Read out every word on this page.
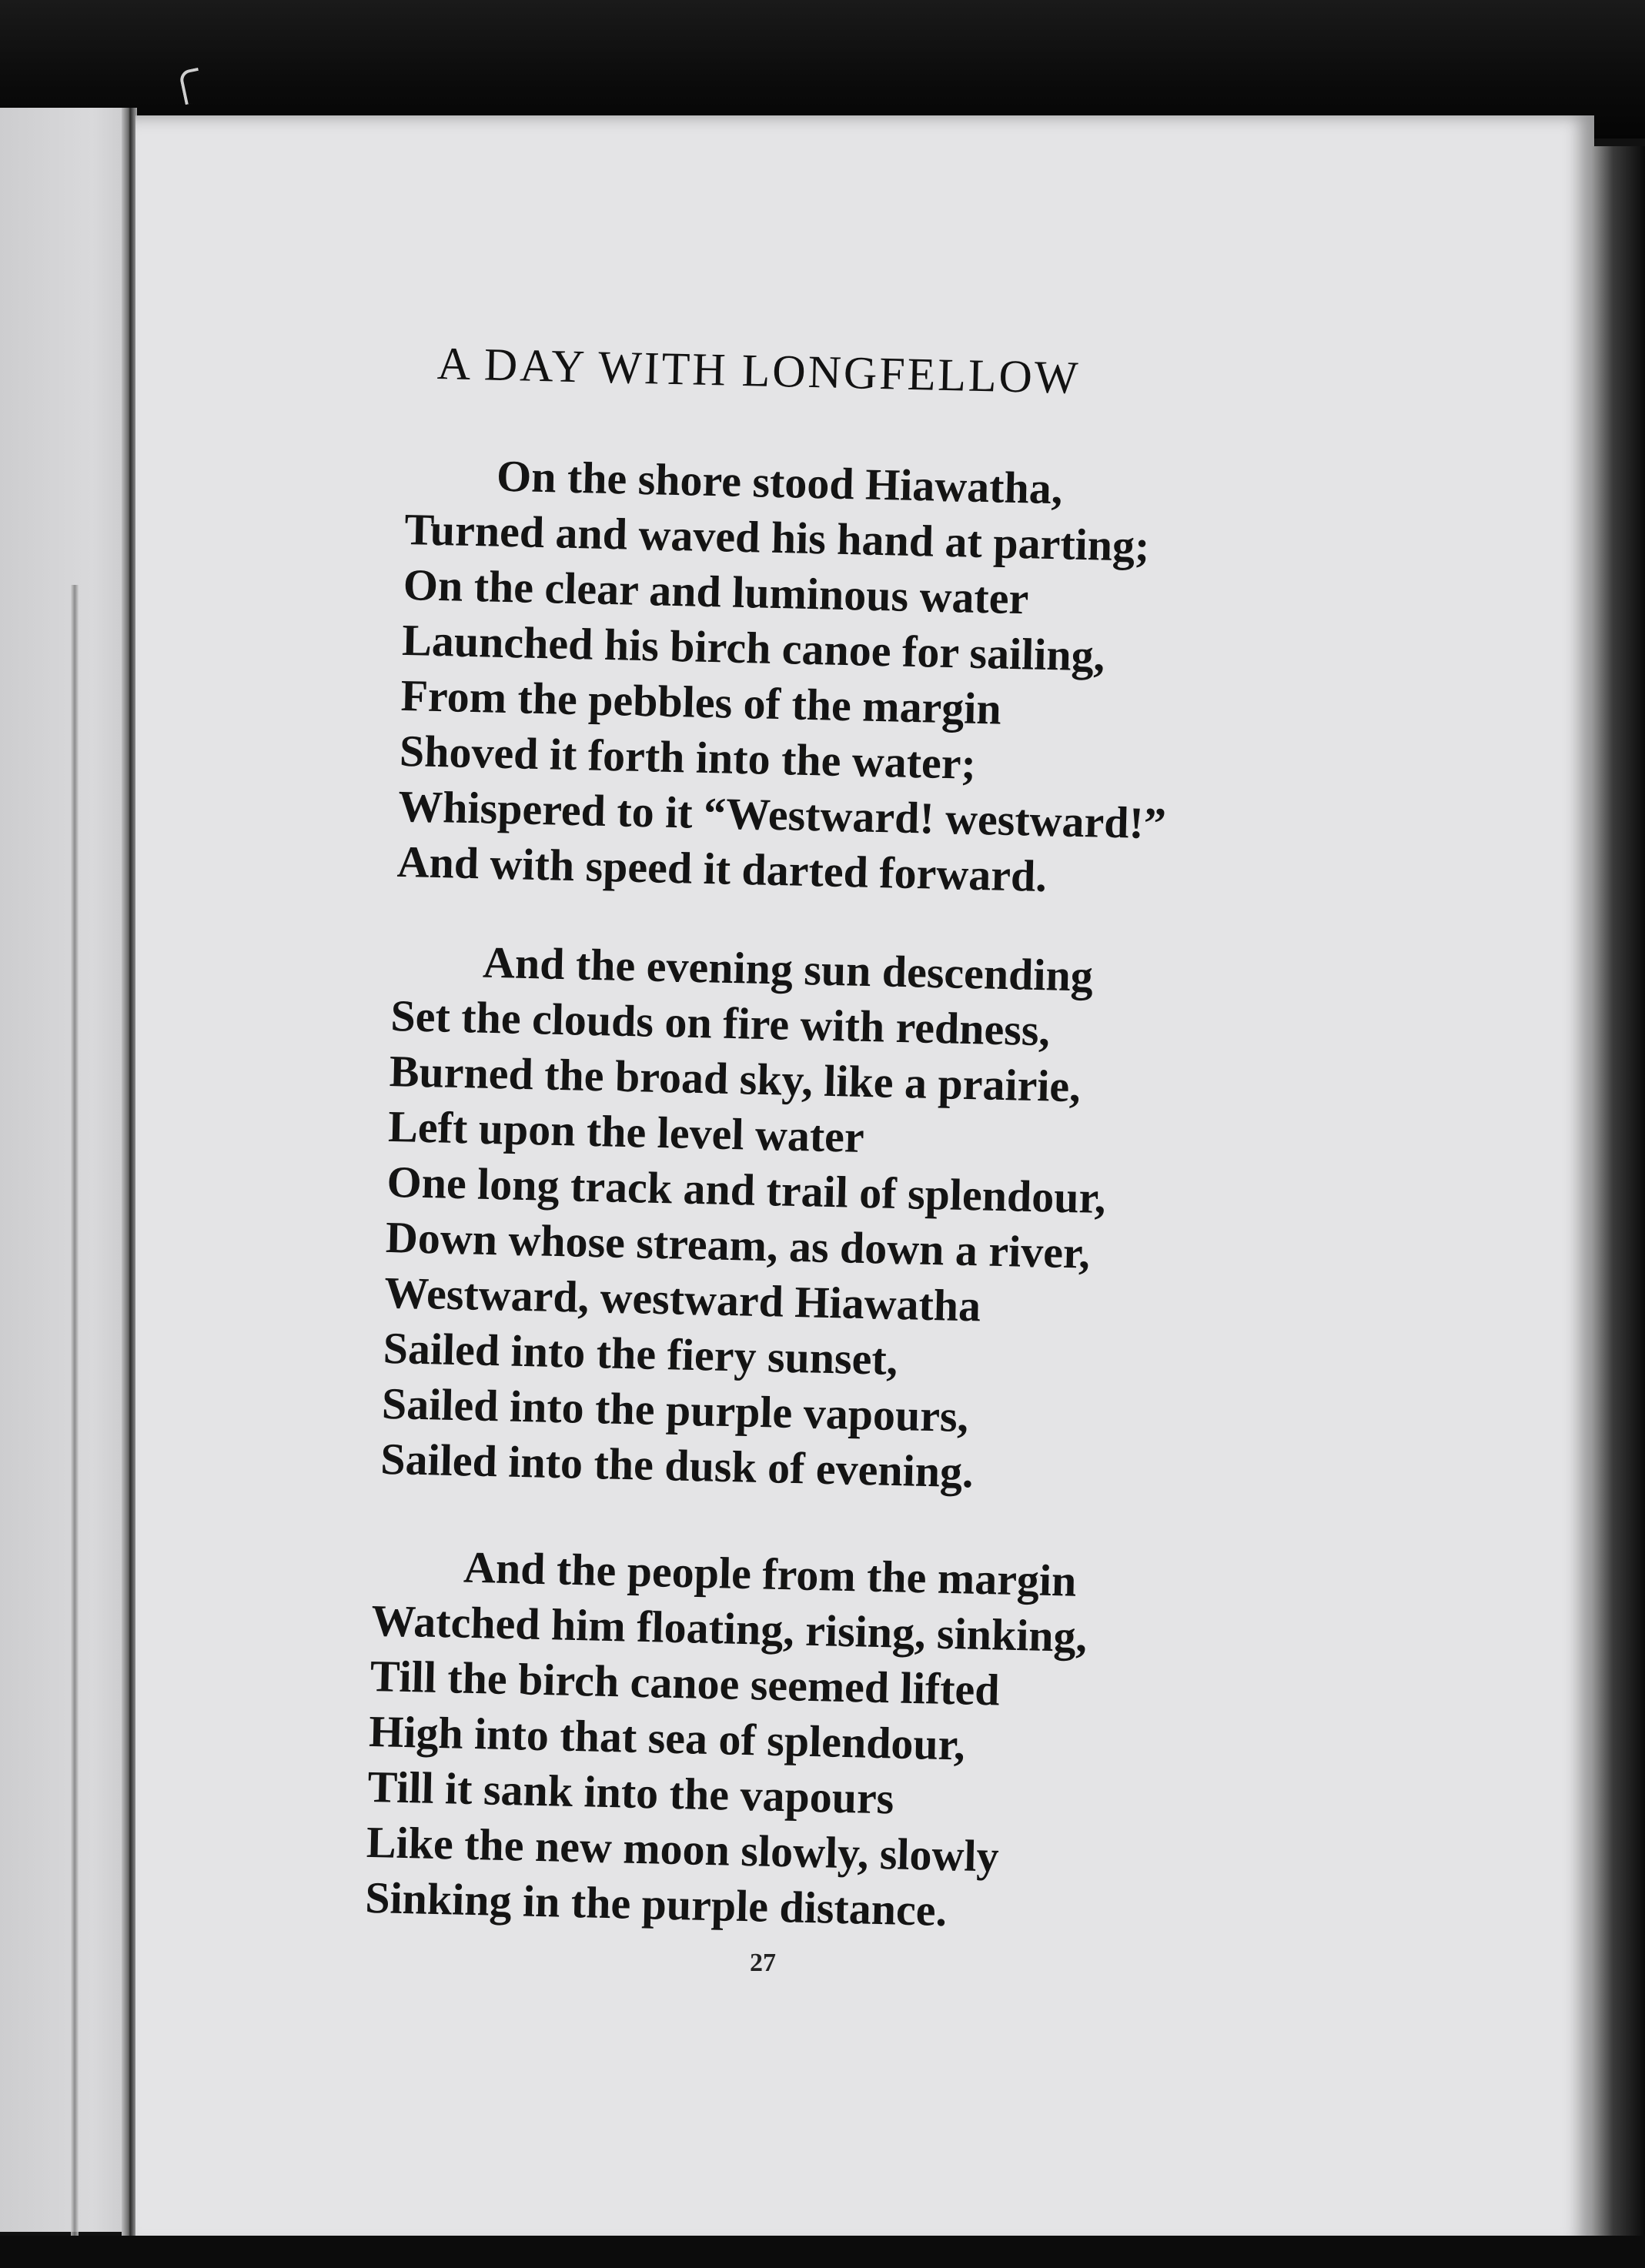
A DAY WITH LONGFELLOW
On the shore stood Hiawatha,
Turned and waved his hand at parting;
On the clear and luminous water
Launched his birch canoe for sailing,
From the pebbles of the margin
Shoved it forth into the water;
Whispered to it “Westward! westward!”
And with speed it darted forward.
And the evening sun descending
Set the clouds on fire with redness,
Burned the broad sky, like a prairie,
Left upon the level water
One long track and trail of splendour,
Down whose stream, as down a river,
Westward, westward Hiawatha
Sailed into the fiery sunset,
Sailed into the purple vapours,
Sailed into the dusk of evening.
And the people from the margin
Watched him floating, rising, sinking,
Till the birch canoe seemed lifted
High into that sea of splendour,
Till it sank into the vapours
Like the new moon slowly, slowly
Sinking in the purple distance.
27
